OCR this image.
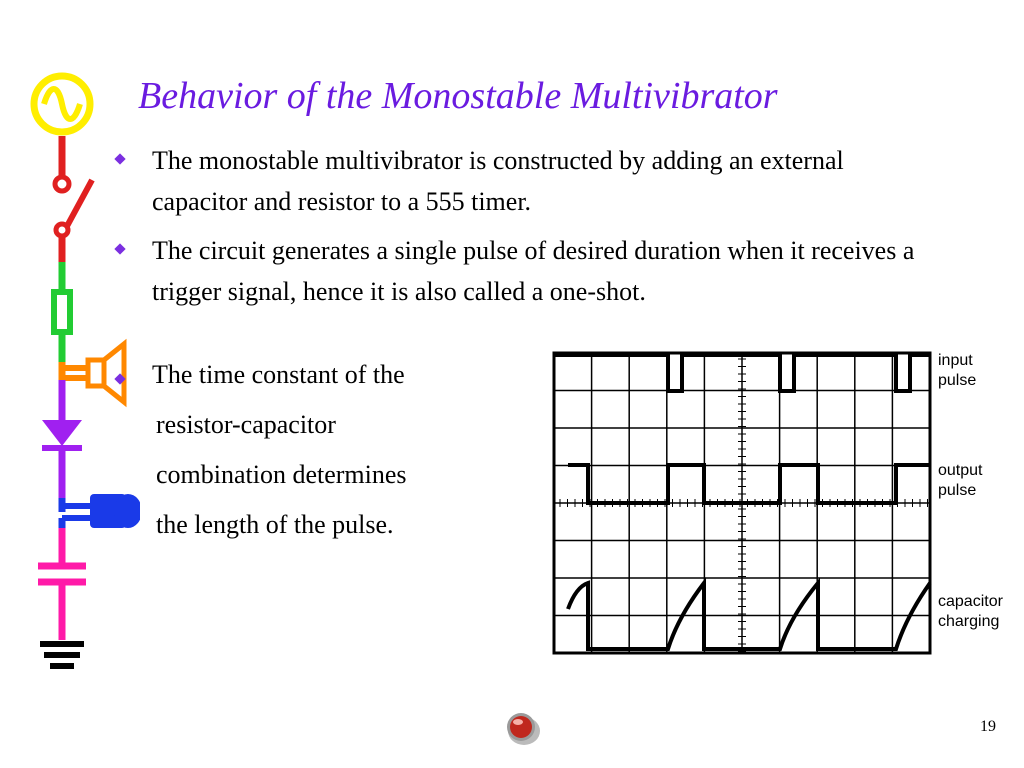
Behavior of the Monostable Multivibrator
The monostable multivibrator is constructed by adding an external capacitor and resistor to a 555 timer.
The circuit generates a single pulse of desired duration when it receives a trigger signal, hence it is also called a one-shot.
The time constant of the
resistor-capacitor
combination determines
the length of the pulse.
input
pulse
output
pulse
capacitor
charging
19
